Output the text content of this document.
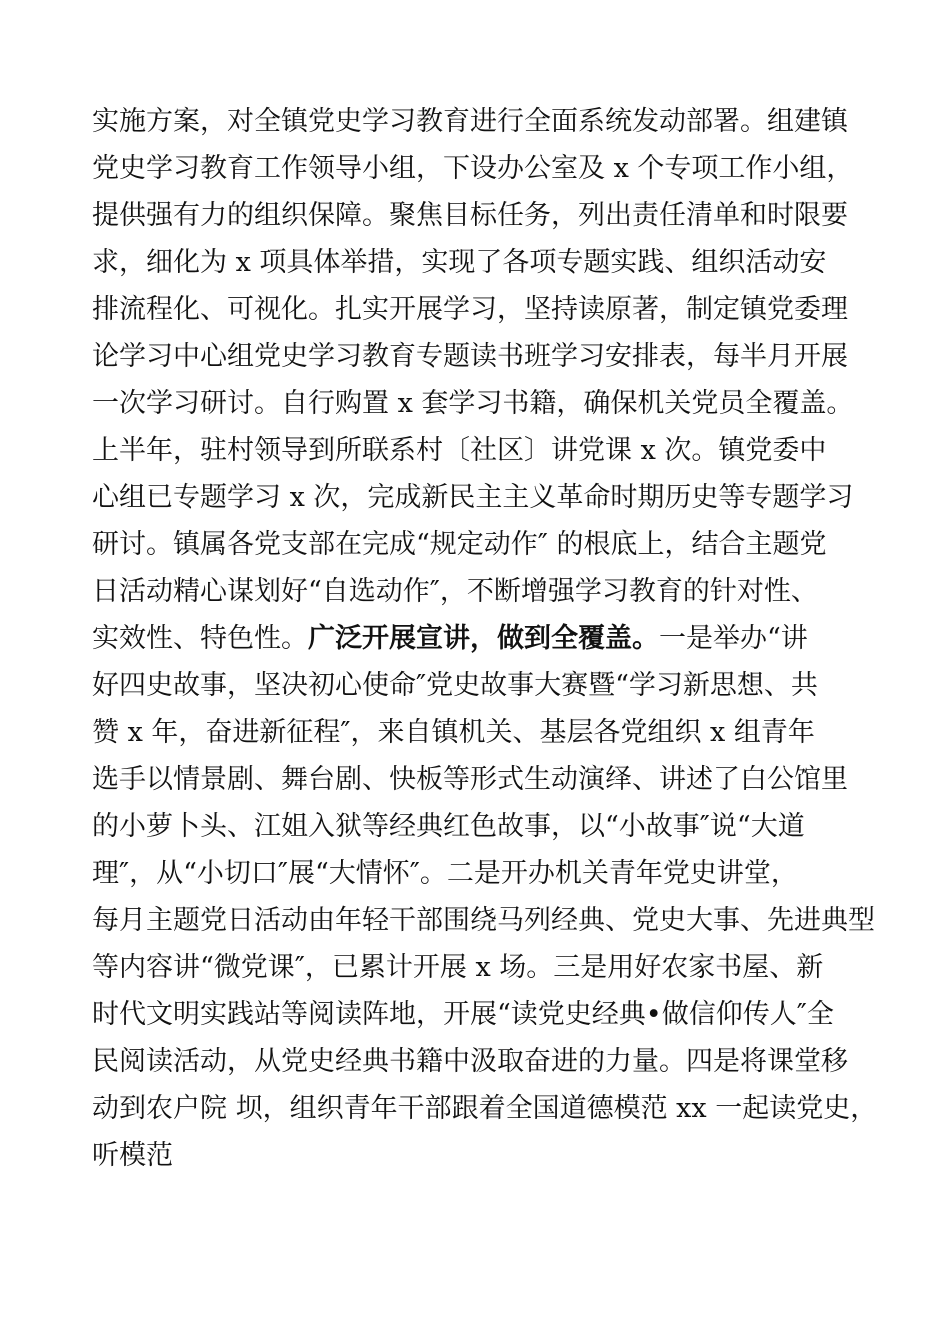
实施方案，对全镇党史学习教育进行全面系统发动部署。组建镇
党史学习教育工作领导小组，下设办公室及 x 个专项工作小组，
提供强有力的组织保障。聚焦目标任务，列出责任清单和时限要
求，细化为 x 项具体举措，实现了各项专题实践、组织活动安
排流程化、可视化。扎实开展学习，坚持读原著，制定镇党委理
论学习中心组党史学习教育专题读书班学习安排表，每半月开展
一次学习研讨。自行购置 x 套学习书籍，确保机关党员全覆盖。
上半年，驻村领导到所联系村〔社区〕讲党课 x 次。镇党委中
心组已专题学习 x 次，完成新民主主义革命时期历史等专题学习
研讨。镇属各党支部在完成“规定动作″ 的根底上，结合主题党
日活动精心谋划好“自选动作″，不断增强学习教育的针对性、
实效性、特色性。广泛开展宣讲，做到全覆盖。一是举办“讲
好四史故事，坚决初心使命″党史故事大赛暨“学习新思想、共
赞 x 年，奋进新征程″，来自镇机关、基层各党组织 x 组青年
选手以情景剧、舞台剧、快板等形式生动演绎、讲述了白公馆里
的小萝卜头、江姐入狱等经典红色故事，以“小故事″说“大道
理″，从“小切口″展“大情怀″。二是开办机关青年党史讲堂，
每月主题党日活动由年轻干部围绕马列经典、党史大事、先进典型
等内容讲“微党课″，已累计开展 x 场。三是用好农家书屋、新
时代文明实践站等阅读阵地，开展“读党史经典•做信仰传人″全
民阅读活动，从党史经典书籍中汲取奋进的力量。四是将课堂移
动到农户院 坝，组织青年干部跟着全国道德模范 xx 一起读党史，
听模范
